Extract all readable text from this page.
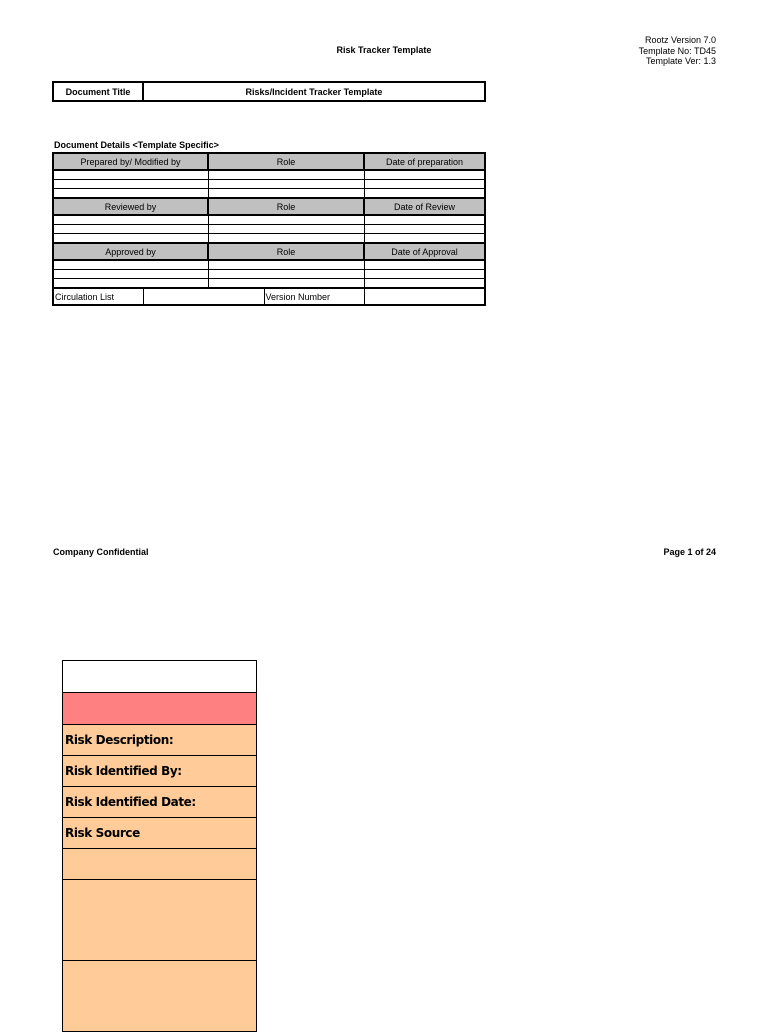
Risk Tracker Template
Rootz Version 7.0
Template No: TD45
Template Ver: 1.3
Document Title	Risks/Incident Tracker Template
Document Details <Template Specific>
Prepared by/ Modified by		Role		Date of preparation

Reviewed by		Role		Date of Review

Approved by		Role		Date of Approval

Circulation List			Version Number	
Company Confidential	Page 1 of 24
Risk Description:
Risk Identified By:
Risk Identified Date:
Risk Source
